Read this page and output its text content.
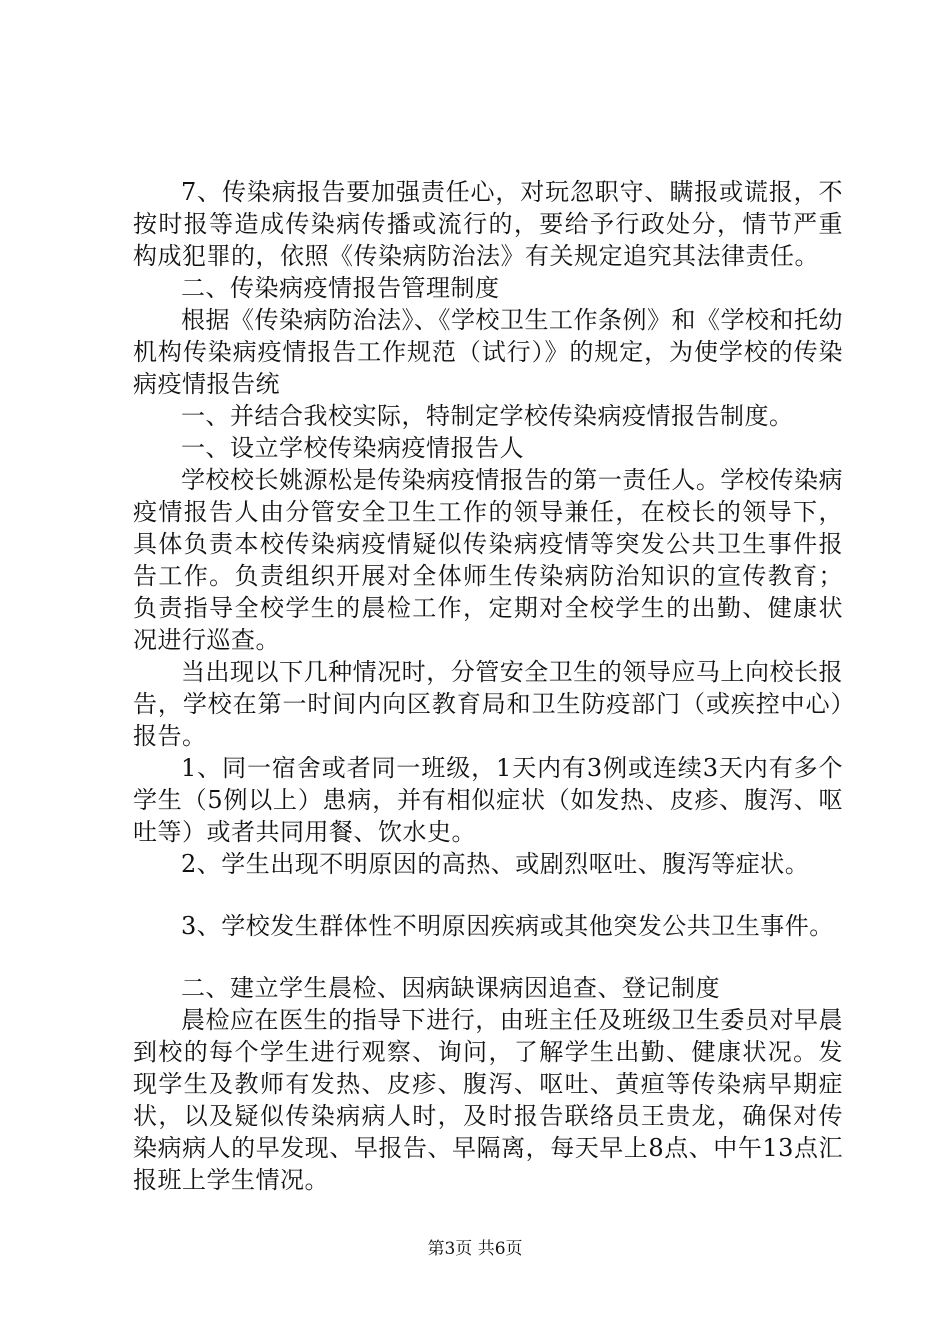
7、传染病报告要加强责任心，对玩忽职守、瞒报或谎报，不按时报等造成传染病传播或流行的，要给予行政处分，情节严重构成犯罪的，依照《传染病防治法》有关规定追究其法律责任。

二、传染病疫情报告管理制度

根据《传染病防治法》、《学校卫生工作条例》和《学校和托幼机构传染病疫情报告工作规范（试行）》的规定，为使学校的传染病疫情报告统

一、并结合我校实际，特制定学校传染病疫情报告制度。

一、设立学校传染病疫情报告人

学校校长姚源松是传染病疫情报告的第一责任人。学校传染病疫情报告人由分管安全卫生工作的领导兼任，在校长的领导下，具体负责本校传染病疫情疑似传染病疫情等突发公共卫生事件报告工作。负责组织开展对全体师生传染病防治知识的宣传教育；负责指导全校学生的晨检工作，定期对全校学生的出勤、健康状况进行巡查。

当出现以下几种情况时，分管安全卫生的领导应马上向校长报告，学校在第一时间内向区教育局和卫生防疫部门（或疾控中心）报告。

1、同一宿舍或者同一班级，1天内有3例或连续3天内有多个学生（5例以上）患病，并有相似症状（如发热、皮疹、腹泻、呕吐等）或者共同用餐、饮水史。

2、学生出现不明原因的高热、或剧烈呕吐、腹泻等症状。

3、学校发生群体性不明原因疾病或其他突发公共卫生事件。

二、建立学生晨检、因病缺课病因追查、登记制度

晨检应在医生的指导下进行，由班主任及班级卫生委员对早晨到校的每个学生进行观察、询问，了解学生出勤、健康状况。发现学生及教师有发热、皮疹、腹泻、呕吐、黄疸等传染病早期症状，以及疑似传染病病人时，及时报告联络员王贵龙，确保对传染病病人的早发现、早报告、早隔离，每天早上8点、中午13点汇报班上学生情况。

第3页 共6页
